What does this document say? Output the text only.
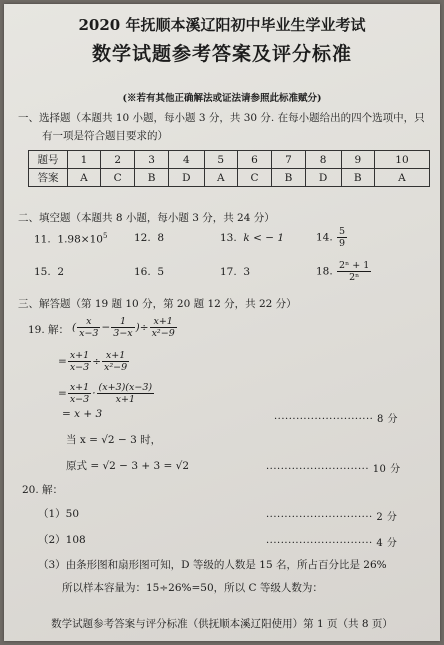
2020 年抚顺本溪辽阳初中毕业生学业考试
数学试题参考答案及评分标准
(※若有其他正确解法或证法请参照此标准赋分)
一、选择题（本题共 10 小题，每小题 3 分，共 30 分. 在每小题给出的四个选项中，只
有一项是符合题目要求的）
题号	1	2	3	4	5	6	7	8	9	10
答案	A	C	B	D	A	C	B	D	B	A
二、填空题（本题共 8 小题，每小题 3 分，共 24 分）
11. $1.98\times 10^5$	12. 8	13. k < − 1	14. $\frac{5}{9}$
15. 2	16. 5	17. 3	18. $\frac{\text{2ⁿ + 1}}{\text{2ⁿ}}$
三、解答题（第 19 题 10 分，第 20 题 12 分，共 22 分）
19. 解： ( $\frac{x}{x-3} - \frac{1}{3-x}$ )÷ $\frac{x+1}{\text{x²−9}}$
= $\frac{x+1}{x-3} \div \frac{x+1}{\text{x²−9}}$
= $\frac{x+1}{x-3} \cdot \frac{(x+3)(x-3)}{x+1}$
= x + 3	··························· 8 分
当 x = √2 − 3 时，
原式 = √2 − 3 + 3 = √2	···························· 10 分
20. 解：
（1）50	····························· 2 分
（2）108	····························· 4 分
（3）由条形图和扇形图可知，D 等级的人数是 15 名，所占百分比是 26%
所以样本容量为：15÷26%=50，所以 C 等级人数为：
数学试题参考答案与评分标准（供抚顺本溪辽阳使用）第 1 页（共 8 页）
